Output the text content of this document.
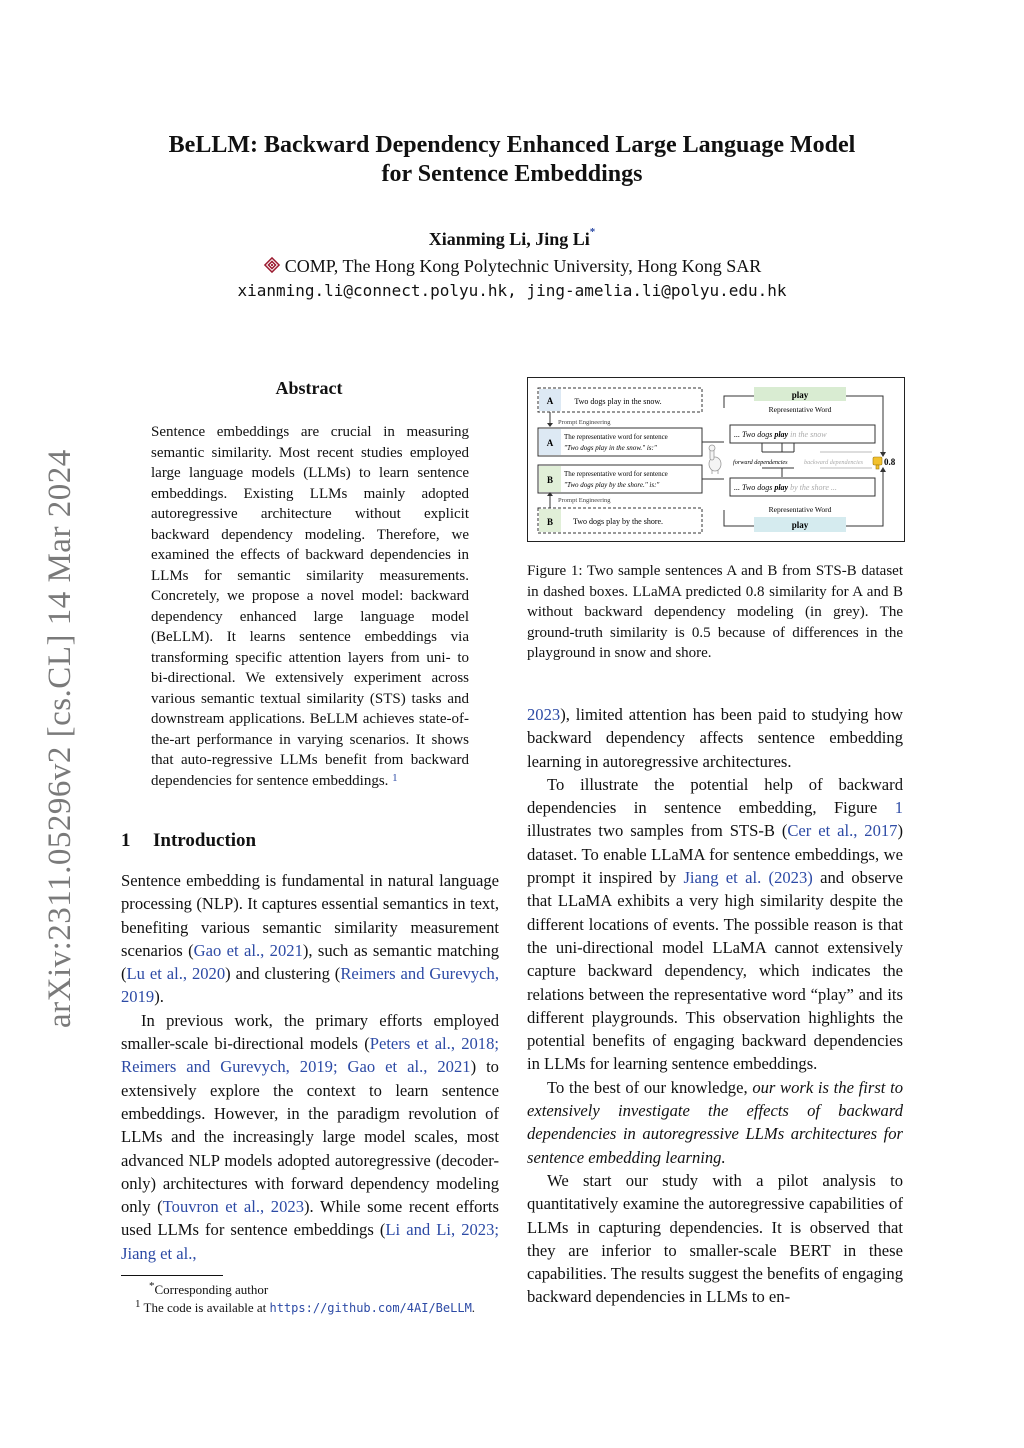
arXiv:2311.05296v2 [cs.CL] 14 Mar 2024
BeLLM: Backward Dependency Enhanced Large Language Model
for Sentence Embeddings
Xianming Li, Jing Li*
COMP, The Hong Kong Polytechnic University, Hong Kong SAR
xianming.li@connect.polyu.hk, jing-amelia.li@polyu.edu.hk
Abstract

Sentence embeddings are crucial in measuring semantic similarity. Most recent studies employed large language models (LLMs) to learn sentence embeddings. Existing LLMs mainly adopted autoregressive architecture without explicit backward dependency modeling. Therefore, we examined the effects of backward dependencies in LLMs for semantic similarity measurements. Concretely, we propose a novel model: backward dependency enhanced large language model (BeLLM). It learns sentence embeddings via transforming specific attention layers from uni- to bi-directional. We extensively experiment across various semantic textual similarity (STS) tasks and downstream applications. BeLLM achieves state-of-the-art performance in varying scenarios. It shows that auto-regressive LLMs benefit from backward dependencies for sentence embeddings. $^1$

1 Introduction

Sentence embedding is fundamental in natural language processing (NLP). It captures essential semantics in text, benefiting various semantic similarity measurement scenarios (Gao et al., 2021), such as semantic matching (Lu et al., 2020) and clustering (Reimers and Gurevych, 2019).

In previous work, the primary efforts employed smaller-scale bi-directional models (Peters et al., 2018; Reimers and Gurevych, 2019; Gao et al., 2021) to extensively explore the context to learn sentence embeddings. However, in the paradigm revolution of LLMs and the increasingly large model scales, most advanced NLP models adopted autoregressive (decoder-only) architectures with forward dependency modeling only (Touvron et al., 2023). While some recent efforts used LLMs for sentence embeddings (Li and Li, 2023; Jiang et al.,

*Corresponding author
$^1$ The code is available at https://github.com/4AI/BeLLM.
A	Two dogs play in the snow.
Prompt Engineering
A
The representative word for sentence
"Two dogs play in the snow." is:"
B
The representative word for sentence
"Two dogs play by the shore." is:"
Prompt Engineering
B Two dogs play by the shore.
play
Representative Word
... Two dogs play in the snow
forward dependencies	backward dependencies 0.8
... Two dogs play by the shore ...
Representative Word
play

Figure 1: Two sample sentences A and B from STS-B dataset in dashed boxes. LLaMA predicted 0.8 similarity for A and B without backward dependency modeling (in grey). The ground-truth similarity is 0.5 because of differences in the playground in snow and shore.

2023), limited attention has been paid to studying how backward dependency affects sentence embedding learning in autoregressive architectures.

To illustrate the potential help of backward dependencies in sentence embedding, Figure 1 illustrates two samples from STS-B (Cer et al., 2017) dataset. To enable LLaMA for sentence embeddings, we prompt it inspired by Jiang et al. (2023) and observe that LLaMA exhibits a very high similarity despite the different locations of events. The possible reason is that the uni-directional model LLaMA cannot extensively capture backward dependency, which indicates the relations between the representative word “play” and its different playgrounds. This observation highlights the potential benefits of engaging backward dependencies in LLMs for learning sentence embeddings.

To the best of our knowledge, our work is the first to extensively investigate the effects of backward dependencies in autoregressive LLMs architectures for sentence embedding learning.

We start our study with a pilot analysis to quantitatively examine the autoregressive capabilities of LLMs in capturing dependencies. It is observed that they are inferior to smaller-scale BERT in these capabilities. The results suggest the benefits of engaging backward dependencies in LLMs to en-
